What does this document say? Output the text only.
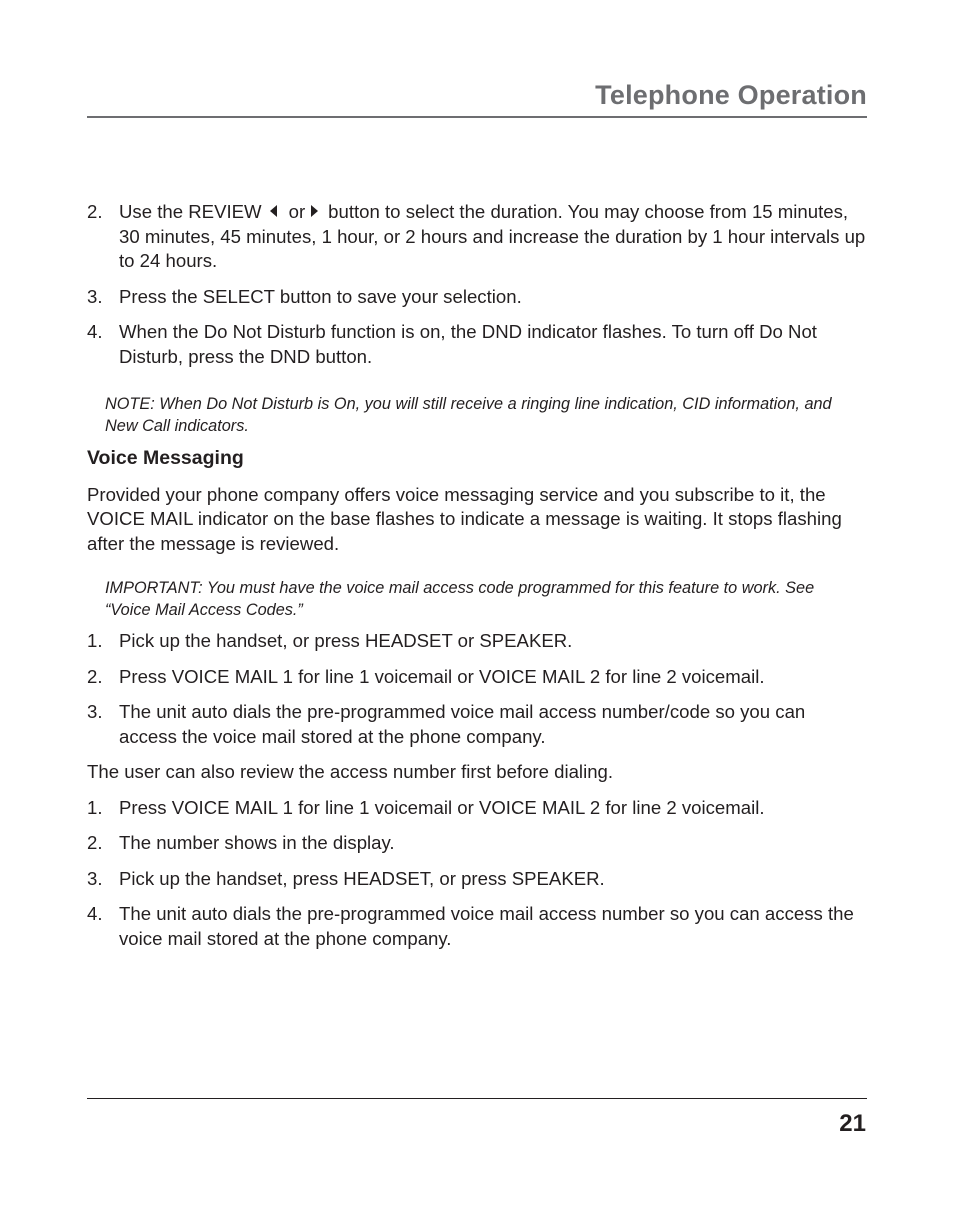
Telephone Operation
2. Use the REVIEW or button to select the duration. You may choose from 15 minutes, 30 minutes, 45 minutes, 1 hour, or 2 hours and increase the duration by 1 hour intervals up to 24 hours.
3. Press the SELECT button to save your selection.
4. When the Do Not Disturb function is on, the DND indicator flashes. To turn off Do Not Disturb, press the DND button.
NOTE: When Do Not Disturb is On, you will still receive a ringing line indication, CID information, and New Call indicators.
Voice Messaging
Provided your phone company offers voice messaging service and you subscribe to it, the VOICE MAIL indicator on the base flashes to indicate a message is waiting. It stops flashing after the message is reviewed.
IMPORTANT: You must have the voice mail access code programmed for this feature to work. See “Voice Mail Access Codes.”
1. Pick up the handset, or press HEADSET or SPEAKER.
2. Press VOICE MAIL 1 for line 1 voicemail or VOICE MAIL 2 for line 2 voicemail.
3. The unit auto dials the pre-programmed voice mail access number/code so you can access the voice mail stored at the phone company.
The user can also review the access number first before dialing.
1. Press VOICE MAIL 1 for line 1 voicemail or VOICE MAIL 2 for line 2 voicemail.
2. The number shows in the display.
3. Pick up the handset, press HEADSET, or press SPEAKER.
4. The unit auto dials the pre-programmed voice mail access number so you can access the voice mail stored at the phone company.
21
